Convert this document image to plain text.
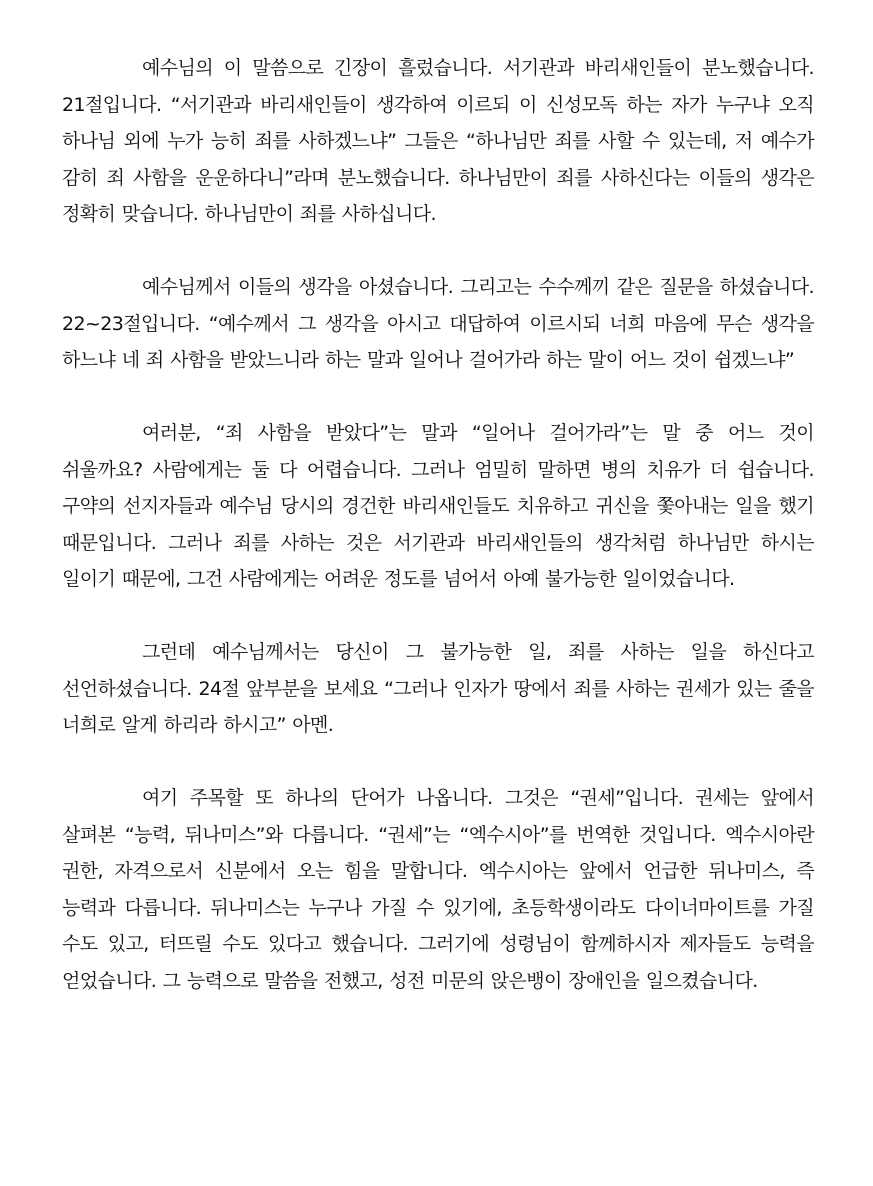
예수님의 이 말씀으로 긴장이 흘렀습니다. 서기관과 바리새인들이 분노했습니다. 21절입니다. “서기관과 바리새인들이 생각하여 이르되 이 신성모독 하는 자가 누구냐 오직 하나님 외에 누가 능히 죄를 사하겠느냐” 그들은 “하나님만 죄를 사할 수 있는데, 저 예수가 감히 죄 사함을 운운하다니”라며 분노했습니다. 하나님만이 죄를 사하신다는 이들의 생각은 정확히 맞습니다. 하나님만이 죄를 사하십니다.

예수님께서 이들의 생각을 아셨습니다. 그리고는 수수께끼 같은 질문을 하셨습니다. 22~23절입니다. “예수께서 그 생각을 아시고 대답하여 이르시되 너희 마음에 무슨 생각을 하느냐 네 죄 사함을 받았느니라 하는 말과 일어나 걸어가라 하는 말이 어느 것이 쉽겠느냐”

여러분, “죄 사함을 받았다”는 말과 “일어나 걸어가라”는 말 중 어느 것이 쉬울까요? 사람에게는 둘 다 어렵습니다. 그러나 엄밀히 말하면 병의 치유가 더 쉽습니다. 구약의 선지자들과 예수님 당시의 경건한 바리새인들도 치유하고 귀신을 쫓아내는 일을 했기 때문입니다. 그러나 죄를 사하는 것은 서기관과 바리새인들의 생각처럼 하나님만 하시는 일이기 때문에, 그건 사람에게는 어려운 정도를 넘어서 아예 불가능한 일이었습니다.

그런데 예수님께서는 당신이 그 불가능한 일, 죄를 사하는 일을 하신다고 선언하셨습니다. 24절 앞부분을 보세요 “그러나 인자가 땅에서 죄를 사하는 권세가 있는 줄을 너희로 알게 하리라 하시고” 아멘.

여기 주목할 또 하나의 단어가 나옵니다. 그것은 “권세”입니다. 권세는 앞에서 살펴본 “능력, 뒤나미스”와 다릅니다. “권세”는 “엑수시아”를 번역한 것입니다. 엑수시아란 권한, 자격으로서 신분에서 오는 힘을 말합니다. 엑수시아는 앞에서 언급한 뒤나미스, 즉 능력과 다릅니다. 뒤나미스는 누구나 가질 수 있기에, 초등학생이라도 다이너마이트를 가질 수도 있고, 터뜨릴 수도 있다고 했습니다. 그러기에 성령님이 함께하시자 제자들도 능력을 얻었습니다. 그 능력으로 말씀을 전했고, 성전 미문의 앉은뱅이 장애인을 일으켰습니다.
